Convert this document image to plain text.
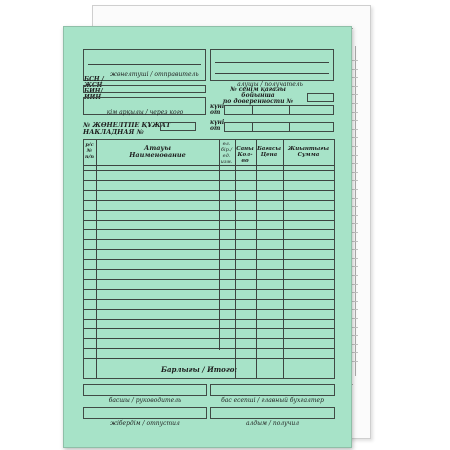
жөнелтуші / отправитель
БСН / ЖСН
БИН/ИИН
алушы / получатель
кім арқылы / через кого
№ сенім қағазы бойынша
по доверенности №
күні
от
№ ЖӨНЕЛТПЕ ҚҰЖАТ
НАКЛАДНАЯ №
күні
от
р/с
№
п/п
Атауы
Наименование
өл.
бір./
ед.
изм.
Саны
Кол-во
Бағасы
Цена
Жиынтығы
Сумма
Барлығы / Итого:
басшы / руководитель	бас есепші / главный бухгалтер
жібердім / отпустил	алдым / получил
